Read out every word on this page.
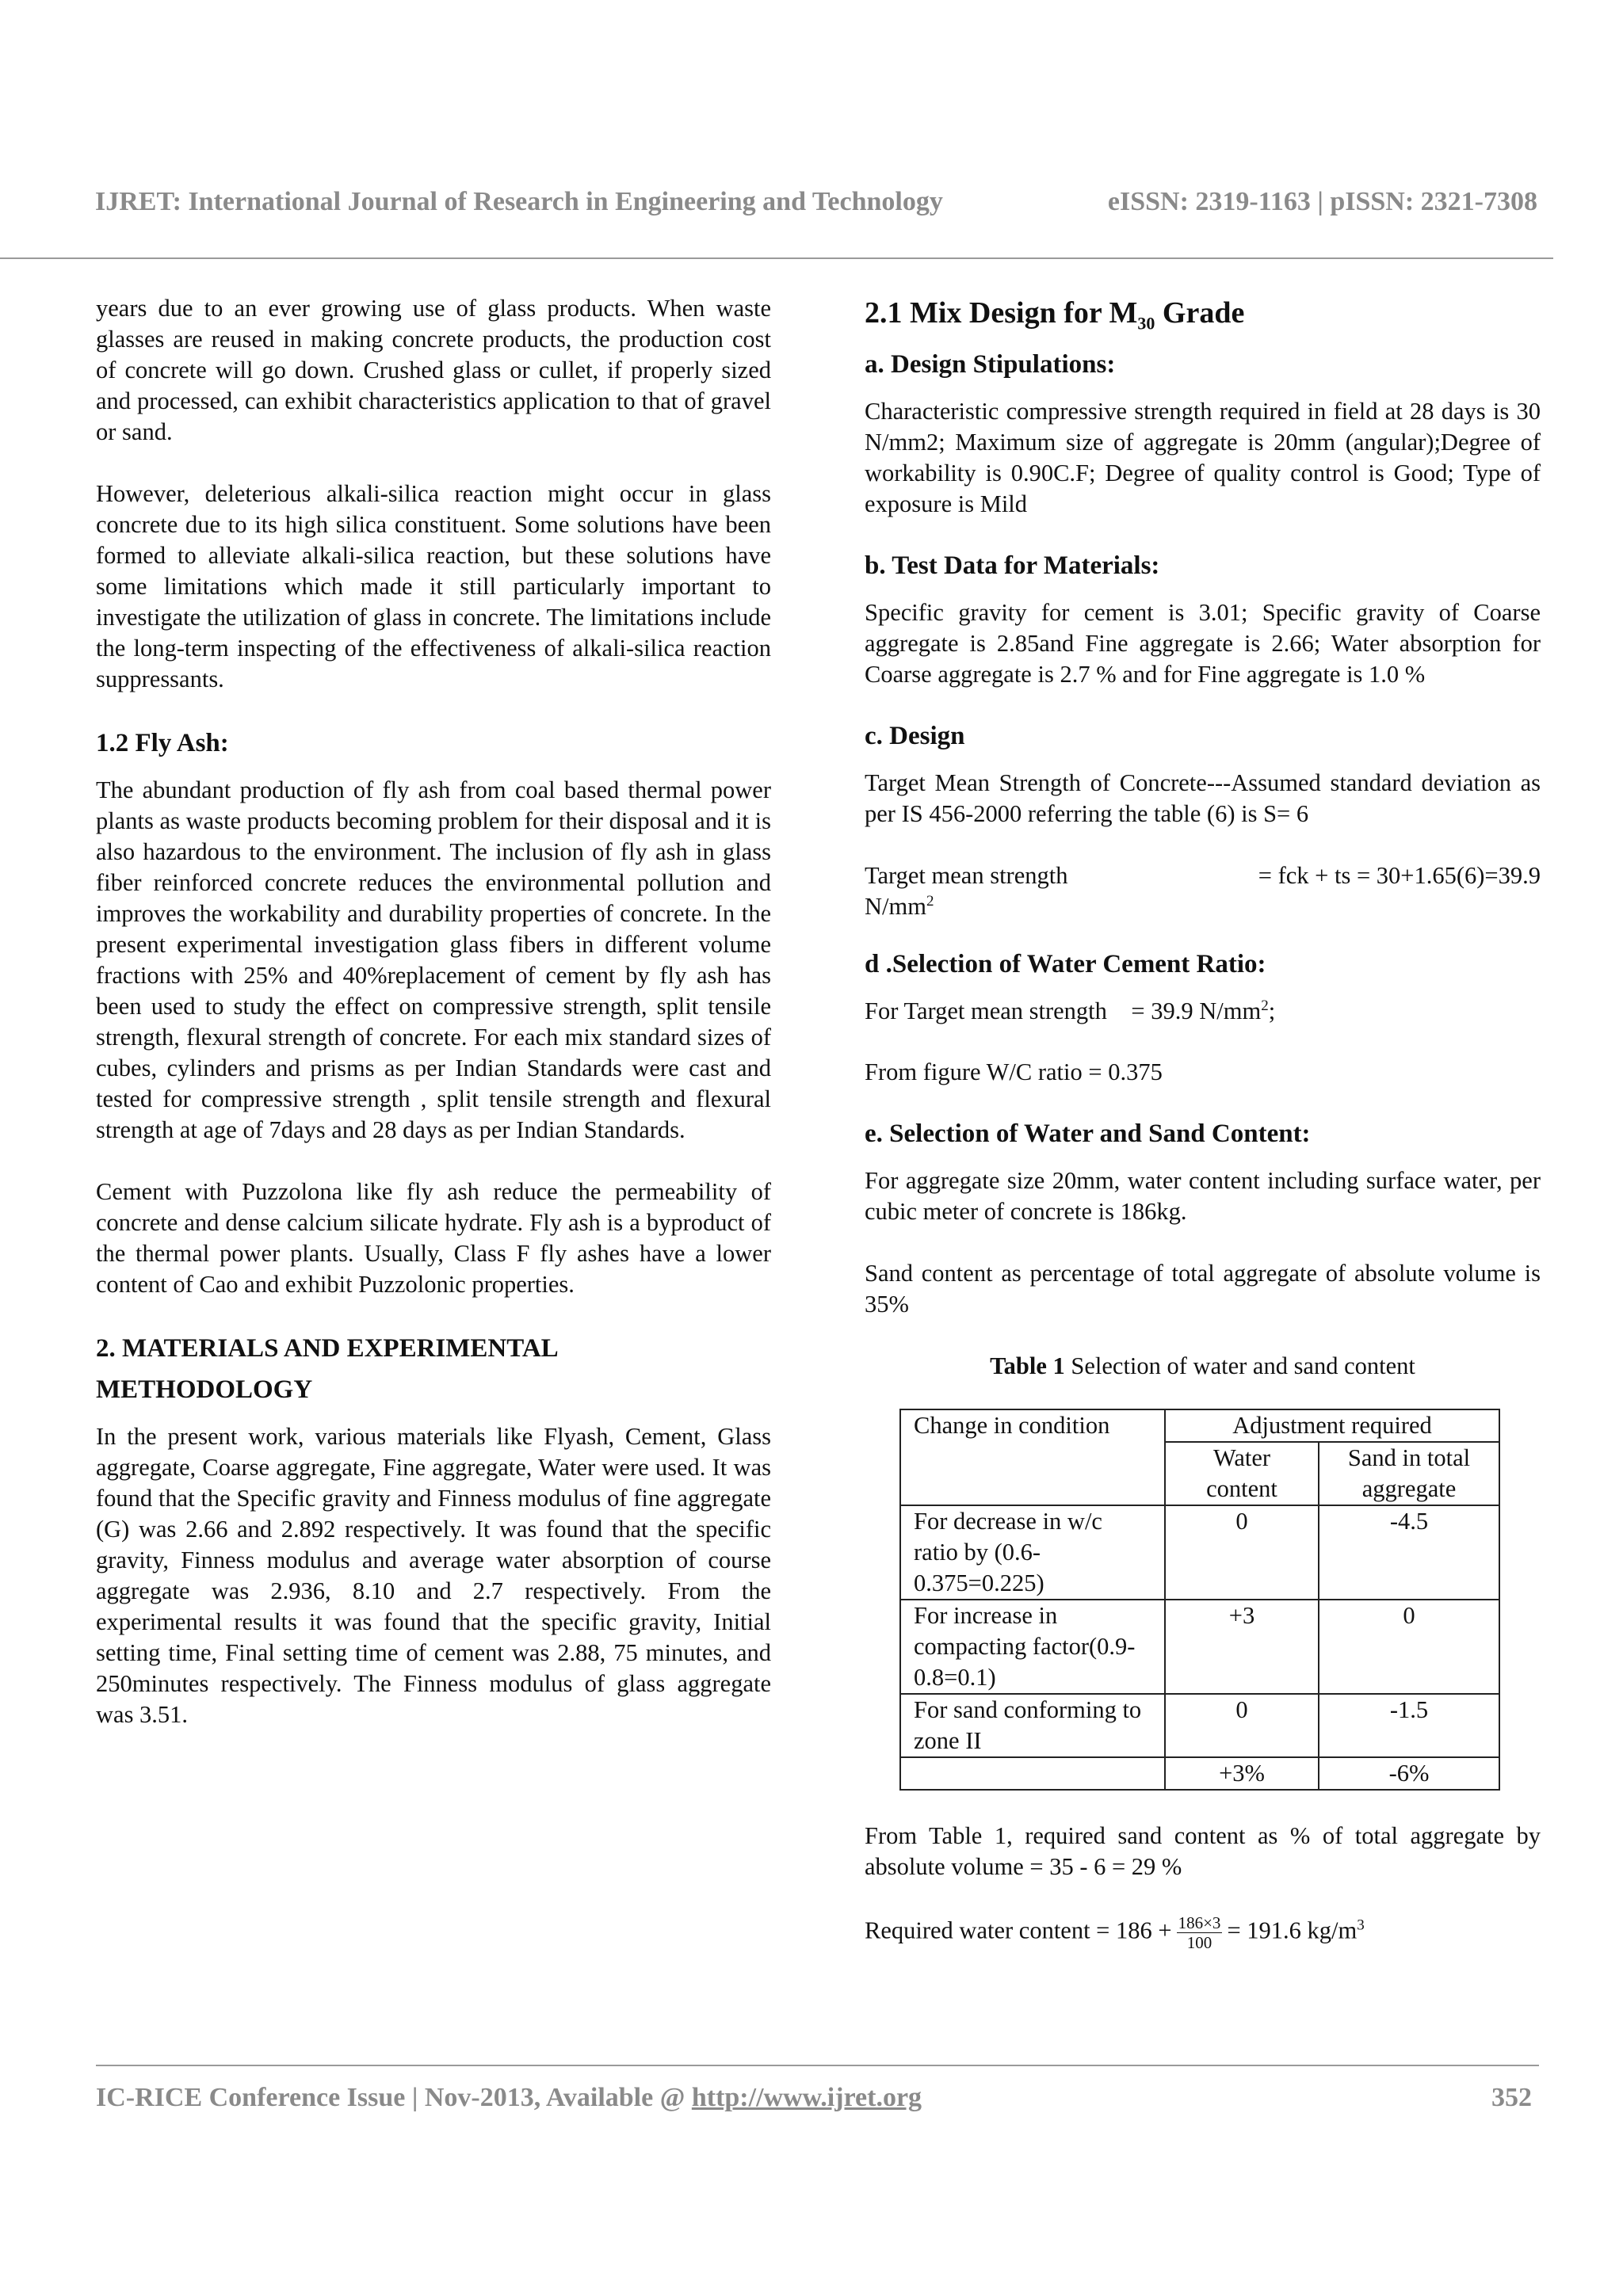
IJRET: International Journal of Research in Engineering and Technology	eISSN: 2319-1163 | pISSN: 2321-7308

years due to an ever growing use of glass products. When waste glasses are reused in making concrete products, the production cost of concrete will go down. Crushed glass or cullet, if properly sized and processed, can exhibit characteristics application to that of gravel or sand.

However, deleterious alkali-silica reaction might occur in glass concrete due to its high silica constituent. Some solutions have been formed to alleviate alkali-silica reaction, but these solutions have some limitations which made it still particularly important to investigate the utilization of glass in concrete. The limitations include the long-term inspecting of the effectiveness of alkali-silica reaction suppressants.

1.2 Fly Ash:

The abundant production of fly ash from coal based thermal power plants as waste products becoming problem for their disposal and it is also hazardous to the environment. The inclusion of fly ash in glass fiber reinforced concrete reduces the environmental pollution and improves the workability and durability properties of concrete. In the present experimental investigation glass fibers in different volume fractions with 25% and 40%replacement of cement by fly ash has been used to study the effect on compressive strength, split tensile strength, flexural strength of concrete. For each mix standard sizes of cubes, cylinders and prisms as per Indian Standards were cast and tested for compressive strength , split tensile strength and flexural strength at age of 7days and 28 days as per Indian Standards.

Cement with Puzzolona like fly ash reduce the permeability of concrete and dense calcium silicate hydrate. Fly ash is a byproduct of the thermal power plants. Usually, Class F fly ashes have a lower content of Cao and exhibit Puzzolonic properties.

2. MATERIALS AND EXPERIMENTAL
METHODOLOGY

In the present work, various materials like Flyash, Cement, Glass aggregate, Coarse aggregate, Fine aggregate, Water were used. It was found that the Specific gravity and Finness modulus of fine aggregate (G) was 2.66 and 2.892 respectively. It was found that the specific gravity, Finness modulus and average water absorption of course aggregate was 2.936, 8.10 and 2.7 respectively. From the experimental results it was found that the specific gravity, Initial setting time, Final setting time of cement was 2.88, 75 minutes, and 250minutes respectively. The Finness modulus of glass aggregate was 3.51.

2.1 Mix Design for $M_{30}$ Grade
a. Design Stipulations:

Characteristic compressive strength required in field at 28 days is 30 N/mm2; Maximum size of aggregate is 20mm (angular);Degree of workability is 0.90C.F; Degree of quality control is Good; Type of exposure is Mild

b. Test Data for Materials:

Specific gravity for cement is 3.01; Specific gravity of Coarse aggregate is 2.85and Fine aggregate is 2.66; Water absorption for Coarse aggregate is 2.7 % and for Fine aggregate is 1.0 %

c. Design

Target Mean Strength of Concrete---Assumed standard deviation as per IS 456-2000 referring the table (6) is S= 6

Target mean strength	= fck + ts = 30+1.65(6)=39.9

$N/mm^2$

d .Selection of Water Cement Ratio:

For Target mean strength = 39.9 $N/mm^2$;

From figure W/C ratio = 0.375

e. Selection of Water and Sand Content:

For aggregate size 20mm, water content including surface water, per cubic meter of concrete is 186kg.

Sand content as percentage of total aggregate of absolute volume is 35%

Table 1 Selection of water and sand content

Change in condition	Adjustment required	
	Water content	Sand in total aggregate
For decrease in w/c ratio by (0.6-0.375=0.225)	0	-4.5
For increase in compacting factor(0.9-0.8=0.1)	+3	0
For sand conforming to zone II	0	-1.5
	+3%	-6%

From Table 1, required sand content as % of total aggregate by absolute volume = 35 - 6 = 29 %

Required water content = $186 + \frac{186\times 3}{100} = 191.6$ $kg/m^3$

IC-RICE Conference Issue | Nov-2013, Available @ http://www.ijret.org	352
